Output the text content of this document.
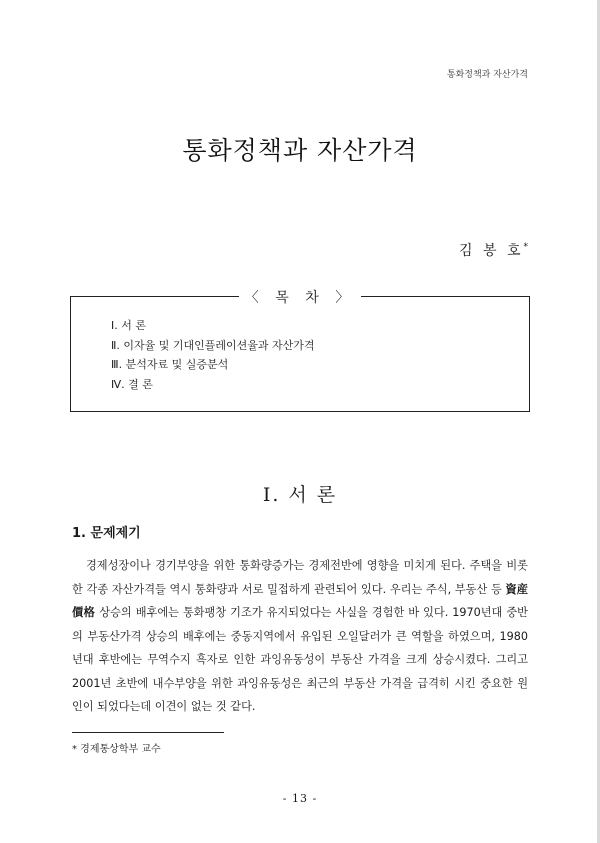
통화정책과 자산가격
통화정책과 자산가격
김 봉 호*
〈 목 차 〉
Ⅰ. 서 론
Ⅱ. 이자율 및 기대인플레이션율과 자산가격
Ⅲ. 분석자료 및 실증분석
Ⅳ. 결 론
Ⅰ. 서 론
1. 문제제기

경제성장이나 경기부양을 위한 통화량증가는 경제전반에 영향을 미치게 된다. 주택을 비롯한 각종 자산가격들 역시 통화량과 서로 밀접하게 관련되어 있다. 우리는 주식, 부동산 등 資産價格 상승의 배후에는 통화팽창 기조가 유지되었다는 사실을 경험한 바 있다. 1970년대 중반의 부동산가격 상승의 배후에는 중동지역에서 유입된 오일달러가 큰 역할을 하였으며, 1980년대 후반에는 무역수지 흑자로 인한 과잉유동성이 부동산 가격을 크게 상승시켰다. 그리고 2001년 초반에 내수부양을 위한 과잉유동성은 최근의 부동산 가격을 급격히 시킨 중요한 원인이 되었다는데 이견이 없는 것 같다.

* 경제통상학부 교수
- 13 -
